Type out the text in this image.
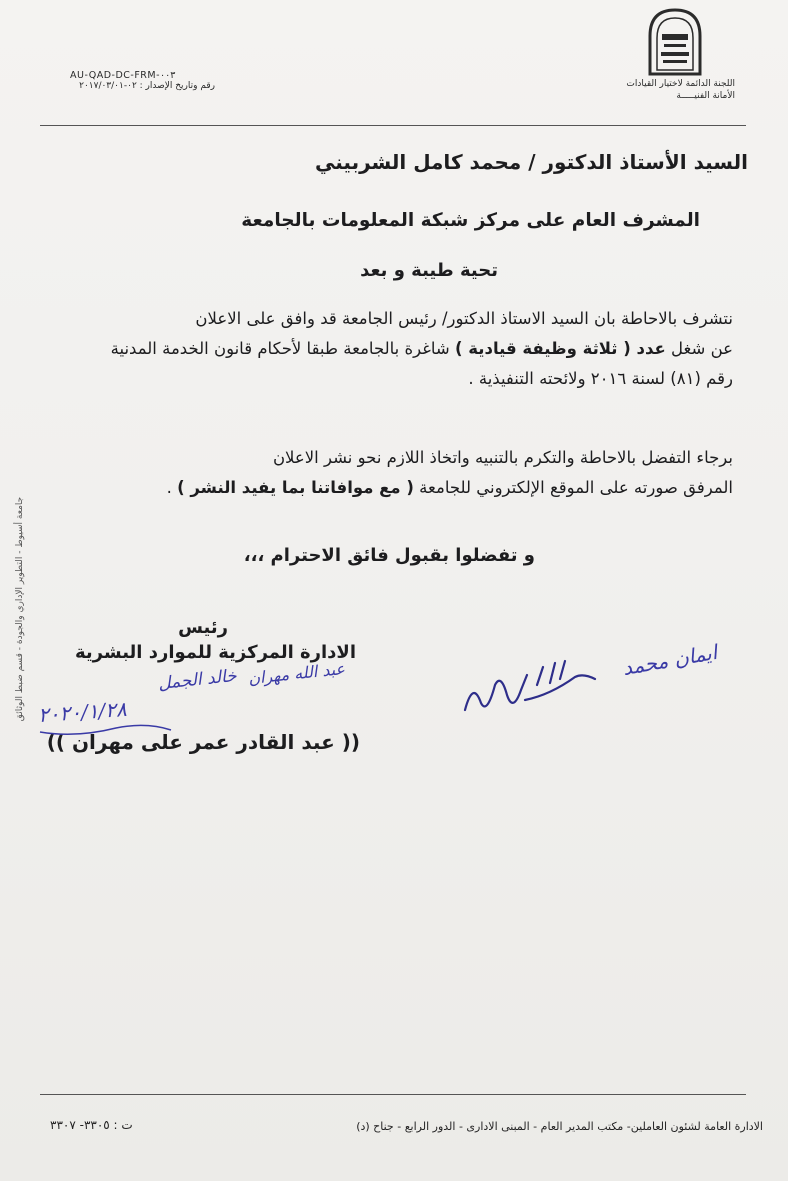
اللجنة الدائمة لاختيار القيادات
الأمانة الفنيـــــة
AU-QAD-DC-FRM-٠٠٣
رقم وتاريخ الإصدار : ٠٢-٢٠١٧/٠٣/٠١
السيد الأستاذ الدكتور / محمد كامل الشربيني
المشرف العام على مركز شبكة المعلومات بالجامعة
تحية طيبة و بعد
نتشرف بالاحاطة بان السيد الاستاذ الدكتور/ رئيس الجامعة قد وافق على الاعلان
عن شغل عدد ( ثلاثة وظيفة قيادية ) شاغرة بالجامعة طبقا لأحكام قانون الخدمة المدنية
رقم (٨١) لسنة ٢٠١٦ ولائحته التنفيذية .
برجاء التفضل بالاحاطة والتكرم بالتنبيه واتخاذ اللازم نحو نشر الاعلان
المرفق صورته على الموقع الإلكتروني للجامعة ( مع موافاتنا بما يفيد النشر ) .
و تفضلوا بقبول فائق الاحترام ،،،
رئيس
الادارة المركزية للموارد البشرية
(( عبد القادر عمر على مهران ))
خالد الجمل عبد الله مهران
٢٠٢٠/١/٢٨
ايمان محمد
جامعة أسيوط - التطوير الإداري والجودة - قسم ضبط الوثائق
الادارة العامة لشئون العاملين- مكتب المدير العام - المبنى الادارى - الدور الرابع - جناح (د)
ت : ٣٣٠٥- ٣٣٠٧
